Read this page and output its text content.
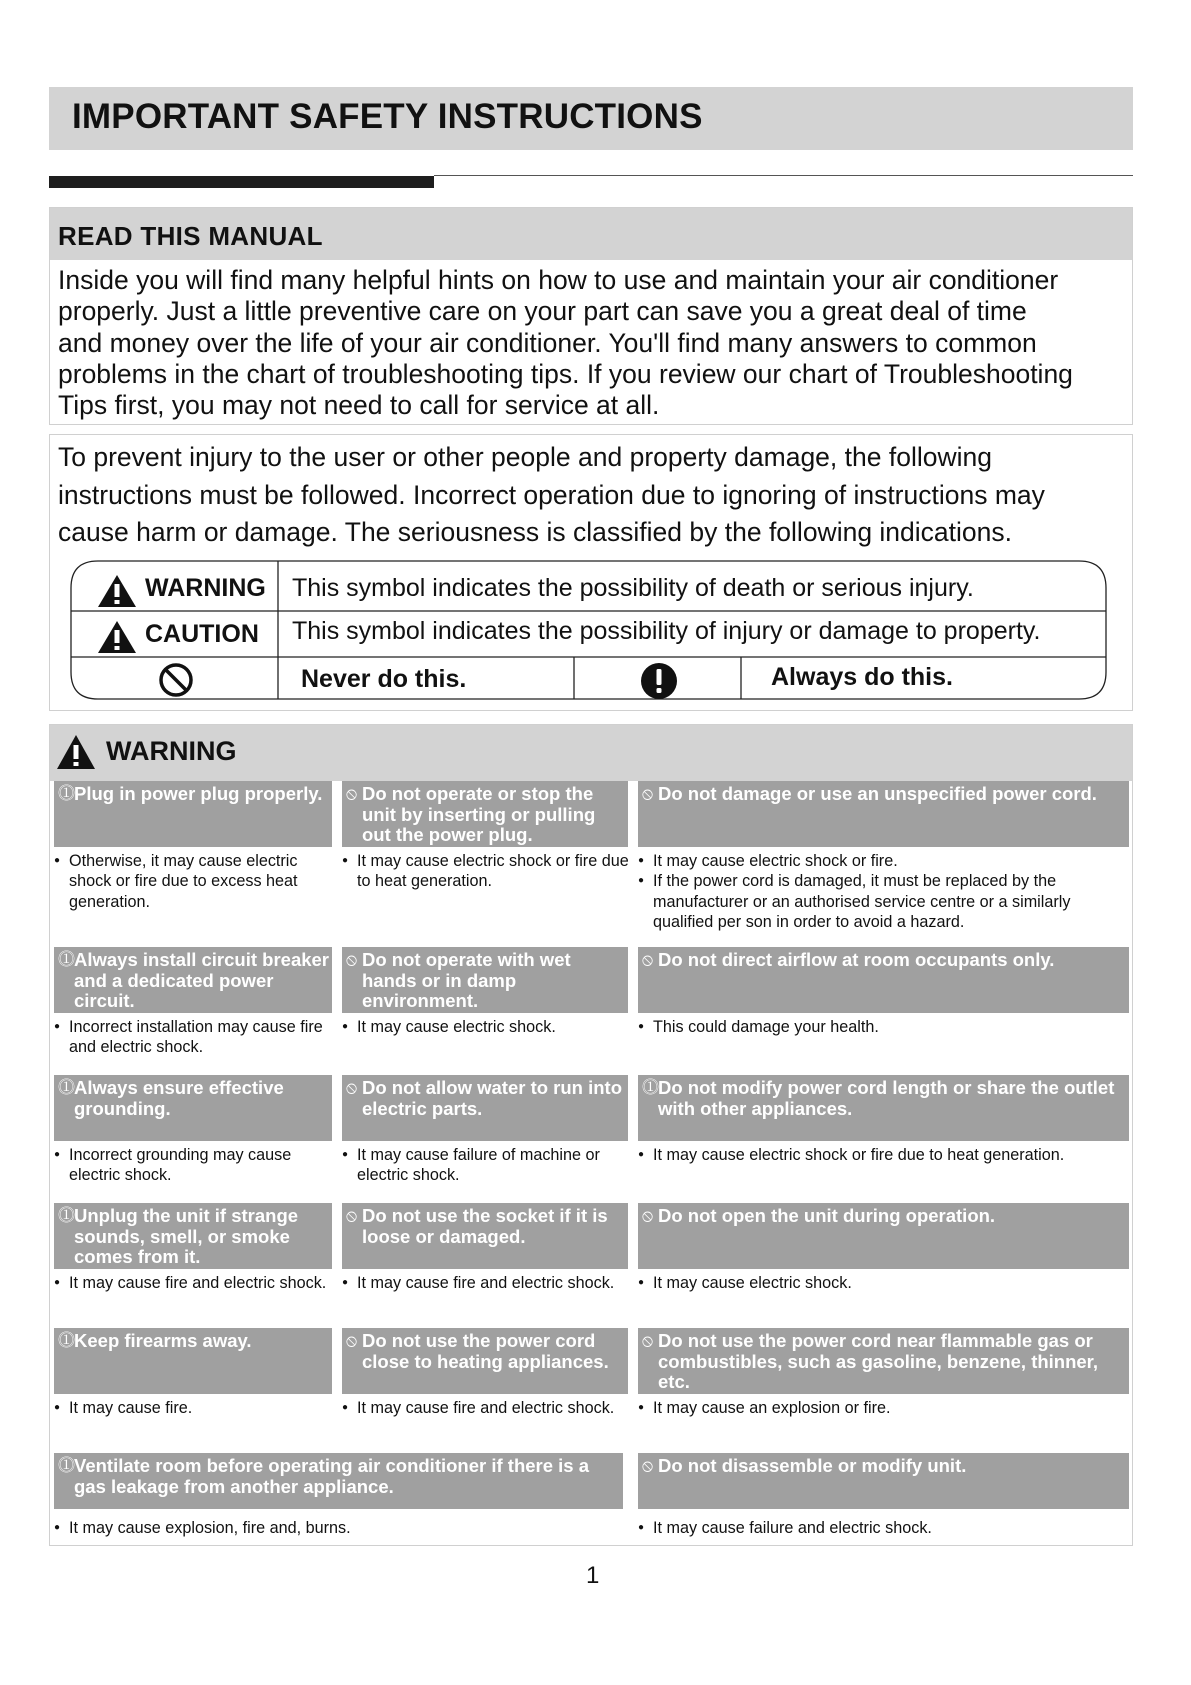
IMPORTANT SAFETY INSTRUCTIONS
READ THIS MANUAL
Inside you will find many helpful hints on how to use and maintain your air conditioner
properly. Just a little preventive care on your part can save you a great deal of time
and money over the life of your air conditioner. You'll find many answers to common
problems in the chart of troubleshooting tips. If you review our chart of Troubleshooting
Tips first, you may not need to call for service at all.
To prevent injury to the user or other people and property damage, the following
instructions must be followed. Incorrect operation due to ignoring of instructions may
cause harm or damage. The seriousness is classified by the following indications.
WARNING This symbol indicates the possibility of death or serious injury.
CAUTION This symbol indicates the possibility of injury or damage to property.
Never do this.	Always do this.
WARNING
⓵ Plug in power plug properly.
● Otherwise, it may cause electric shock or fire due to excess heat generation.
⦸ Do not operate or stop the unit by inserting or pulling out the power plug.
● It may cause electric shock or fire due to heat generation.
⦸ Do not damage or use an unspecified power cord.
● It may cause electric shock or fire.
● If the power cord is damaged, it must be replaced by the manufacturer or an authorised service centre or a similarly qualified per son in order to avoid a hazard.
⓵ Always install circuit breaker and a dedicated power circuit.
● Incorrect installation may cause fire and electric shock.
⦸ Do not operate with wet hands or in damp environment.
● It may cause electric shock.
⦸ Do not direct airflow at room occupants only.
● This could damage your health.
⓵ Always ensure effective grounding.
● Incorrect grounding may cause electric shock.
⦸ Do not allow water to run into electric parts.
● It may cause failure of machine or electric shock.
⓵ Do not modify power cord length or share the outlet with other appliances.
● It may cause electric shock or fire due to heat generation.
⓵ Unplug the unit if strange sounds, smell, or smoke comes from it.
● It may cause fire and electric shock.
⦸ Do not use the socket if it is loose or damaged.
● It may cause fire and electric shock.
⦸ Do not open the unit during operation.
● It may cause electric shock.
⓵ Keep firearms away.
● It may cause fire.
⦸ Do not use the power cord close to heating appliances.
● It may cause fire and electric shock.
⦸ Do not use the power cord near flammable gas or combustibles, such as gasoline, benzene, thinner, etc.
● It may cause an explosion or fire.
⓵ Ventilate room before operating air conditioner if there is a gas leakage from another appliance.
● It may cause explosion, fire and, burns.
⦸ Do not disassemble or modify unit.
● It may cause failure and electric shock.
1
